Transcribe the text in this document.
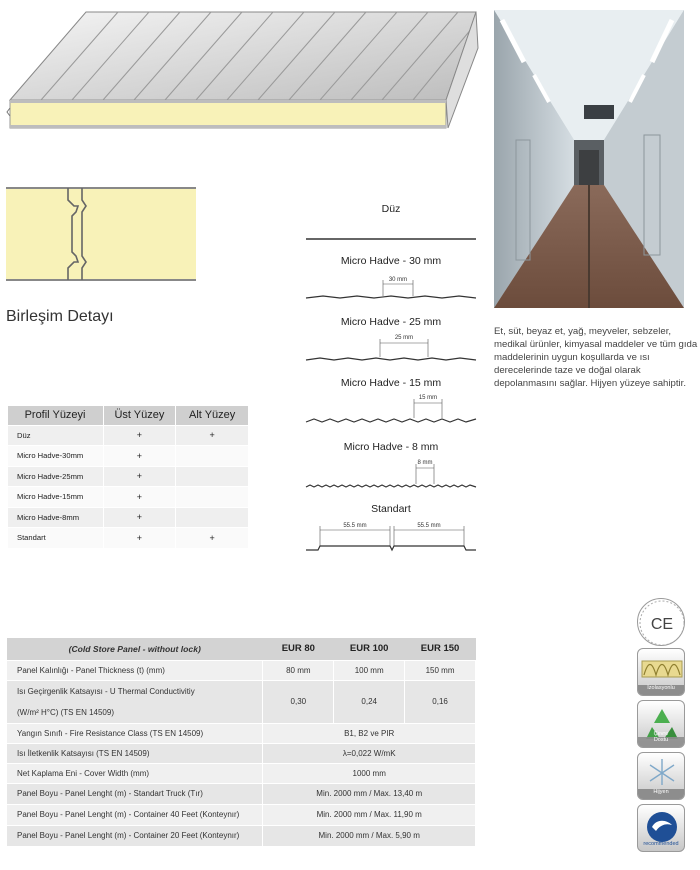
Birleşim Detayı
Et, süt, beyaz et, yağ, meyveler, sebzeler, medikal ürünler, kimyasal maddeler ve tüm gıda maddelerinin uygun koşullarda ve ısı derecelerinde taze ve doğal olarak depolanmasını sağlar. Hijyen yüzeye sahiptir.
Düz
Micro Hadve - 30 mm
Micro Hadve - 25 mm
Micro Hadve - 15 mm
Micro Hadve - 8 mm
Standart
30 mm
25 mm
15 mm
8 mm
55.5 mm	55.5 mm
Profil Yüzeyi	Üst Yüzey	Alt Yüzey
Düz	+	+
Micro Hadve-30mm	+	
Micro Hadve-25mm	+	
Micro Hadve-15mm	+	
Micro Hadve-8mm	+	
Standart	+	+
(Cold Store Panel - without lock)	EUR 80	EUR 100	EUR 150
Panel Kalınlığı - Panel Thickness (t) (mm)	80 mm	100 mm	150 mm

Isı Geçirgenlik Katsayısı - U Thermal Conductivitiy
(W/m² H°C) (TS EN 14509)	0,30	0,24	0,16
Yangın Sınıfı - Fire Resistance Class (TS EN 14509)	B1, B2 ve PIR		
Isı İletkenlik Katsayısı (TS EN 14509)	λ=0,022 W/mK		
Net Kaplama Eni - Cover Width (mm)	1000 mm		
Panel Boyu - Panel Lenght (m) - Standart Truck (Tır)	Min. 2000 mm / Max. 13,40 m		
Panel Boyu - Panel Lenght (m) - Container 40 Feet (Konteynır)	Min. 2000 mm / Max. 11,90 m		
Panel Boyu - Panel Lenght (m) - Container 20 Feet (Konteynır)	Min. 2000 mm / Max. 5,90 m		
CE
İzolasyonlu
Çevre
Dostu
Hijyen
recommended
